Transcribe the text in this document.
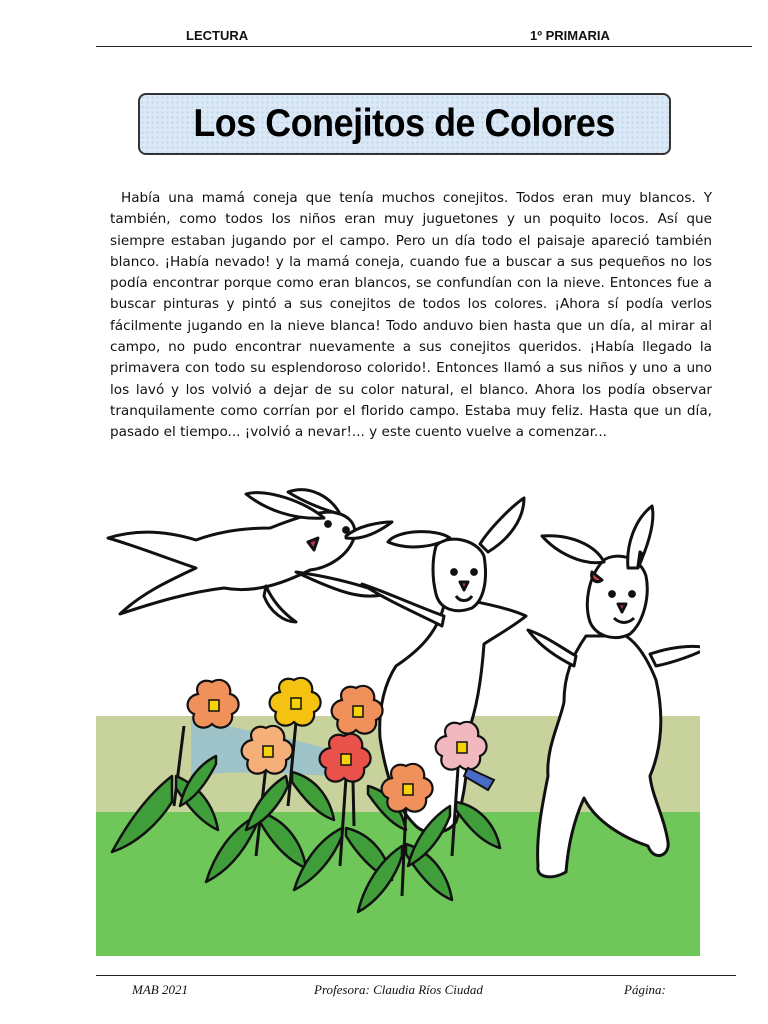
LECTURA	1º PRIMARIA
Los Conejitos de Colores

Había una mamá coneja que tenía muchos conejitos. Todos eran muy blancos. Y también, como todos los niños eran muy juguetones y un poquito locos. Así que siempre estaban jugando por el campo. Pero un día todo el paisaje apareció también blanco. ¡Había nevado! y la mamá coneja, cuando fue a buscar a sus pequeños no los podía encontrar porque como eran blancos, se confundían con la nieve. Entonces fue a buscar pinturas y pintó a sus conejitos de todos los colores. ¡Ahora sí podía verlos fácilmente jugando en la nieve blanca! Todo anduvo bien hasta que un día, al mirar al campo, no pudo encontrar nuevamente a sus conejitos queridos. ¡Había llegado la primavera con todo su esplendoroso colorido!. Entonces llamó a sus niños y uno a uno los lavó y los volvió a dejar de su color natural, el blanco. Ahora los podía observar tranquilamente como corrían por el florido campo. Estaba muy feliz. Hasta que un día, pasado el tiempo... ¡volvió a nevar!... y este cuento vuelve a comenzar...

MAB 2021	Profesora: Claudia Ríos Ciudad	Página:
